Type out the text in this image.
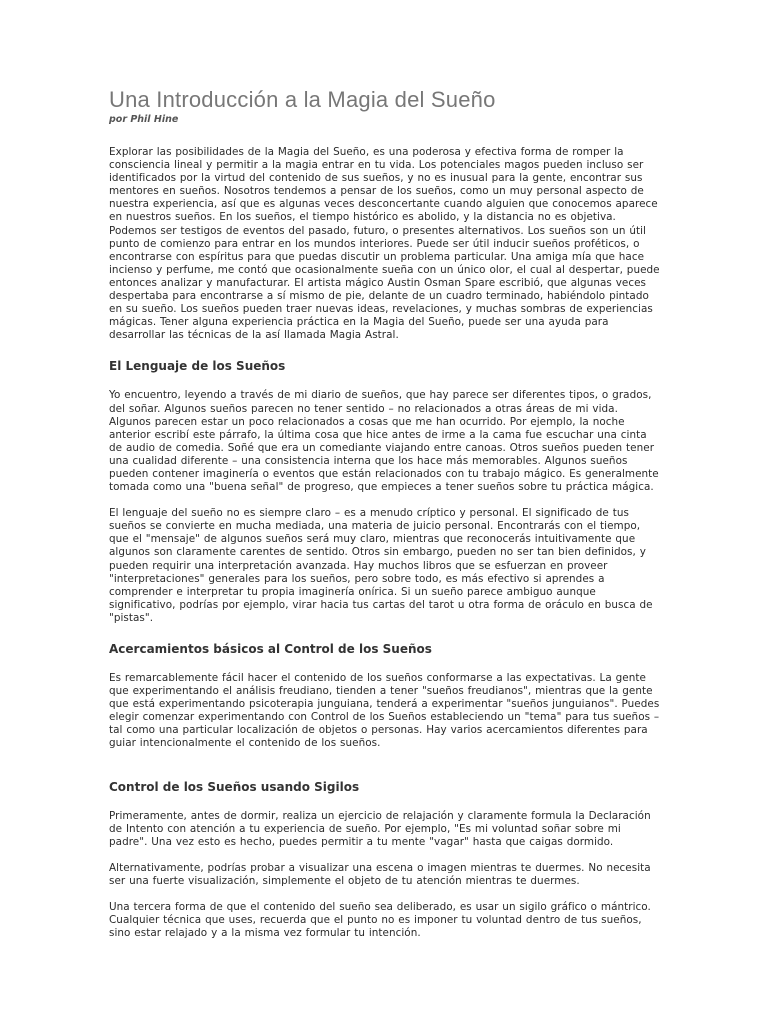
Una Introducción a la Magia del Sueño
por Phil Hine

Explorar las posibilidades de la Magia del Sueño, es una poderosa y efectiva forma de romper la consciencia lineal y permitir a la magia entrar en tu vida. Los potenciales magos pueden incluso ser identificados por la virtud del contenido de sus sueños, y no es inusual para la gente, encontrar sus mentores en sueños. Nosotros tendemos a pensar de los sueños, como un muy personal aspecto de nuestra experiencia, así que es algunas veces desconcertante cuando alguien que conocemos aparece en nuestros sueños. En los sueños, el tiempo histórico es abolido, y la distancia no es objetiva. Podemos ser testigos de eventos del pasado, futuro, o presentes alternativos. Los sueños son un útil punto de comienzo para entrar en los mundos interiores. Puede ser útil inducir sueños proféticos, o encontrarse con espíritus para que puedas discutir un problema particular. Una amiga mía que hace incienso y perfume, me contó que ocasionalmente sueña con un único olor, el cual al despertar, puede entonces analizar y manufacturar. El artista mágico Austin Osman Spare escribió, que algunas veces despertaba para encontrarse a sí mismo de pie, delante de un cuadro terminado, habiéndolo pintado en su sueño. Los sueños pueden traer nuevas ideas, revelaciones, y muchas sombras de experiencias mágicas. Tener alguna experiencia práctica en la Magia del Sueño, puede ser una ayuda para desarrollar las técnicas de la así llamada Magia Astral.

El Lenguaje de los Sueños

Yo encuentro, leyendo a través de mi diario de sueños, que hay parece ser diferentes tipos, o grados, del soñar. Algunos sueños parecen no tener sentido – no relacionados a otras áreas de mi vida. Algunos parecen estar un poco relacionados a cosas que me han ocurrido. Por ejemplo, la noche anterior escribí este párrafo, la última cosa que hice antes de irme a la cama fue escuchar una cinta de audio de comedia. Soñé que era un comediante viajando entre canoas. Otros sueños pueden tener una cualidad diferente – una consistencia interna que los hace más memorables. Algunos sueños pueden contener imaginería o eventos que están relacionados con tu trabajo mágico. Es generalmente tomada como una "buena señal" de progreso, que empieces a tener sueños sobre tu práctica mágica.

El lenguaje del sueño no es siempre claro – es a menudo críptico y personal. El significado de tus sueños se convierte en mucha mediada, una materia de juicio personal. Encontrarás con el tiempo, que el "mensaje" de algunos sueños será muy claro, mientras que reconocerás intuitivamente que algunos son claramente carentes de sentido. Otros sin embargo, pueden no ser tan bien definidos, y pueden requirir una interpretación avanzada. Hay muchos libros que se esfuerzan en proveer "interpretaciones" generales para los sueños, pero sobre todo, es más efectivo si aprendes a comprender e interpretar tu propia imaginería onírica. Si un sueño parece ambiguo aunque significativo, podrías por ejemplo, virar hacia tus cartas del tarot u otra forma de oráculo en busca de "pistas".

Acercamientos básicos al Control de los Sueños

Es remarcablemente fácil hacer el contenido de los sueños conformarse a las expectativas. La gente que experimentando el análisis freudiano, tienden a tener "sueños freudianos", mientras que la gente que está experimentando psicoterapia junguiana, tenderá a experimentar "sueños junguianos". Puedes elegir comenzar experimentando con Control de los Sueños estableciendo un "tema" para tus sueños – tal como una particular localización de objetos o personas. Hay varios acercamientos diferentes para guiar intencionalmente el contenido de los sueños.

Control de los Sueños usando Sigilos

Primeramente, antes de dormir, realiza un ejercicio de relajación y claramente formula la Declaración de Intento con atención a tu experiencia de sueño. Por ejemplo, "Es mi voluntad soñar sobre mi padre". Una vez esto es hecho, puedes permitir a tu mente "vagar" hasta que caigas dormido.

Alternativamente, podrías probar a visualizar una escena o imagen mientras te duermes. No necesita ser una fuerte visualización, simplemente el objeto de tu atención mientras te duermes.

Una tercera forma de que el contenido del sueño sea deliberado, es usar un sigilo gráfico o mántrico. Cualquier técnica que uses, recuerda que el punto no es imponer tu voluntad dentro de tus sueños, sino estar relajado y a la misma vez formular tu intención.
